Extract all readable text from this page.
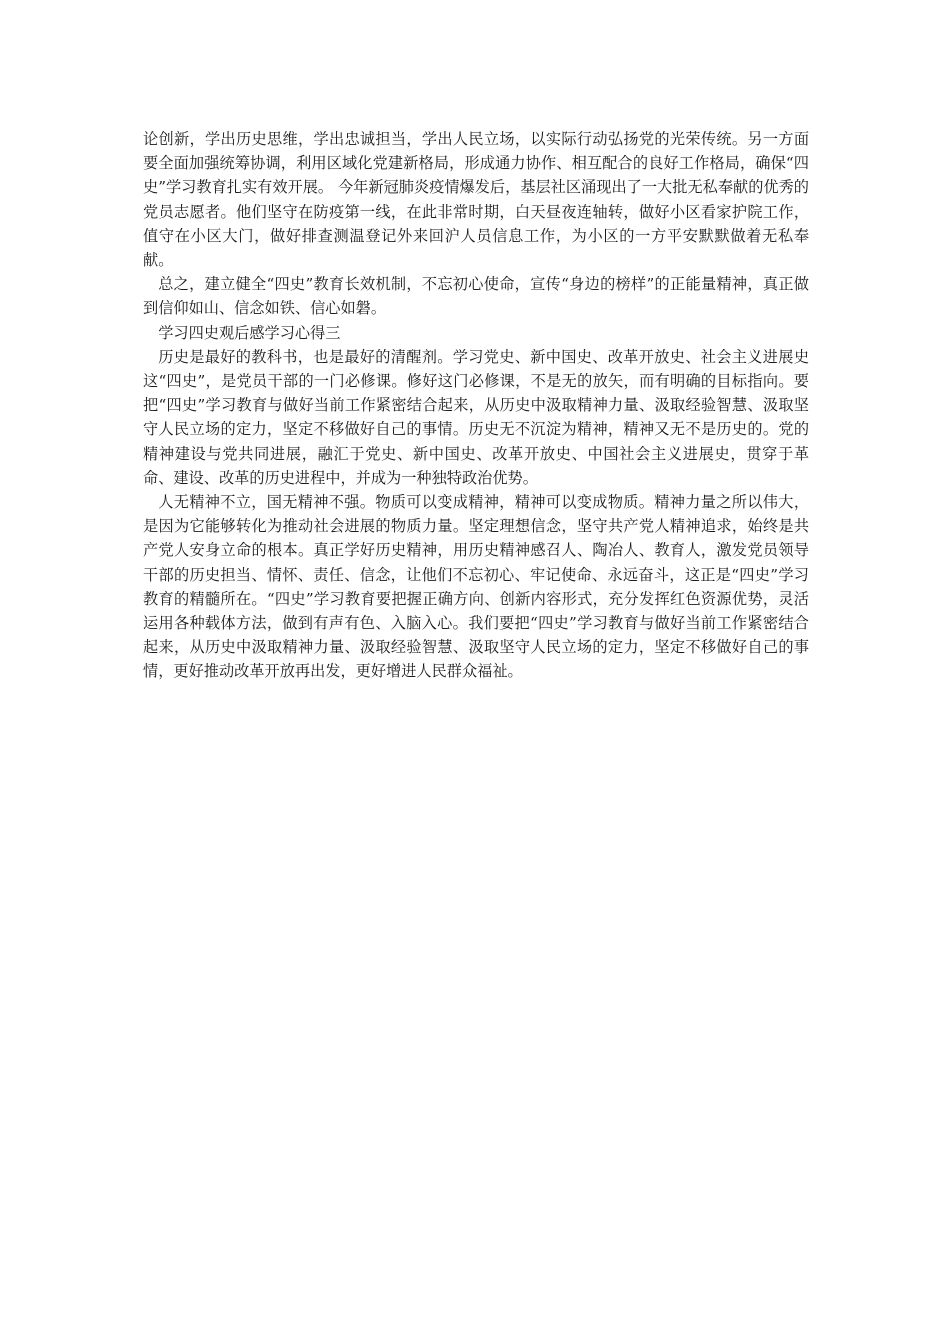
论创新，学出历史思维，学出忠诚担当，学出人民立场，以实际行动弘扬党的光荣传统。另一方面要全面加强统筹协调，利用区域化党建新格局，形成通力协作、相互配合的良好工作格局，确保“四史”学习教育扎实有效开展。 今年新冠肺炎疫情爆发后，基层社区涌现出了一大批无私奉献的优秀的党员志愿者。他们坚守在防疫第一线，在此非常时期，白天昼夜连轴转，做好小区看家护院工作，值守在小区大门，做好排查测温登记外来回沪人员信息工作，为小区的一方平安默默做着无私奉献。

总之，建立健全“四史”教育长效机制，不忘初心使命，宣传“身边的榜样”的正能量精神，真正做到信仰如山、信念如铁、信心如磐。

学习四史观后感学习心得三

历史是最好的教科书，也是最好的清醒剂。学习党史、新中国史、改革开放史、社会主义进展史这“四史”，是党员干部的一门必修课。修好这门必修课，不是无的放矢，而有明确的目标指向。要把“四史”学习教育与做好当前工作紧密结合起来，从历史中汲取精神力量、汲取经验智慧、汲取坚守人民立场的定力，坚定不移做好自己的事情。历史无不沉淀为精神，精神又无不是历史的。党的精神建设与党共同进展，融汇于党史、新中国史、改革开放史、中国社会主义进展史，贯穿于革命、建设、改革的历史进程中，并成为一种独特政治优势。

人无精神不立，国无精神不强。物质可以变成精神，精神可以变成物质。精神力量之所以伟大，是因为它能够转化为推动社会进展的物质力量。坚定理想信念，坚守共产党人精神追求，始终是共产党人安身立命的根本。真正学好历史精神，用历史精神感召人、陶冶人、教育人，激发党员领导干部的历史担当、情怀、责任、信念，让他们不忘初心、牢记使命、永远奋斗，这正是“四史”学习教育的精髓所在。“四史”学习教育要把握正确方向、创新内容形式，充分发挥红色资源优势，灵活运用各种载体方法，做到有声有色、入脑入心。我们要把“四史”学习教育与做好当前工作紧密结合起来，从历史中汲取精神力量、汲取经验智慧、汲取坚守人民立场的定力，坚定不移做好自己的事情，更好推动改革开放再出发，更好增进人民群众福祉。
